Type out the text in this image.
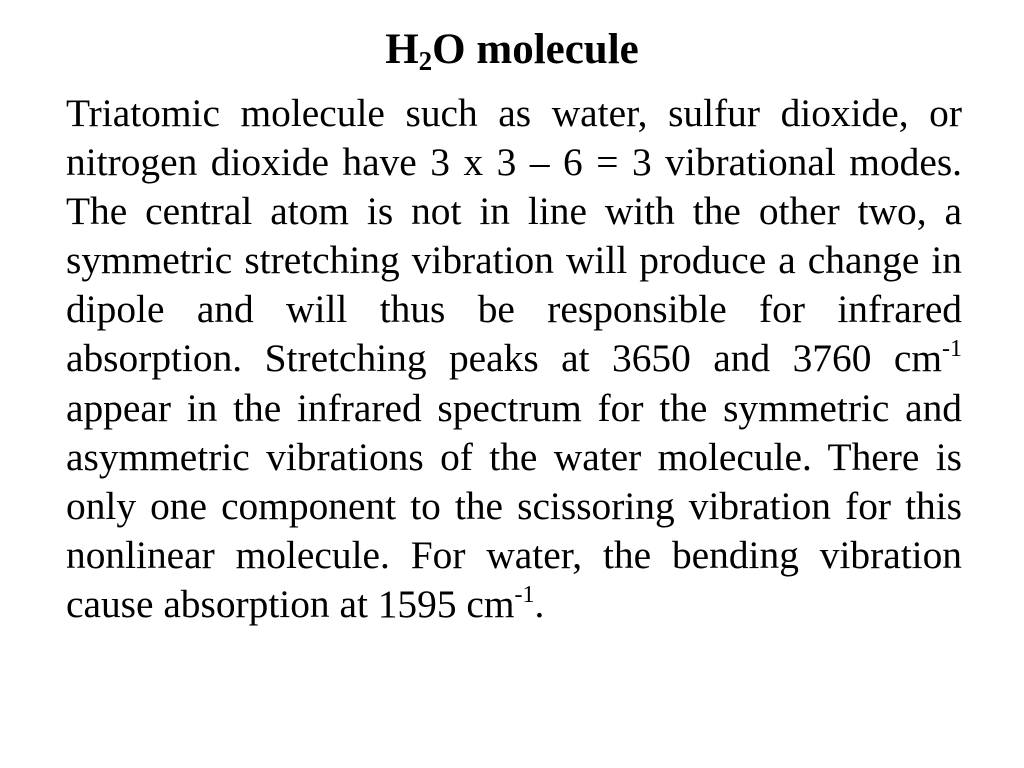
$H_2O$ molecule

Triatomic molecule such as water, sulfur dioxide, or nitrogen dioxide have 3 x 3 – 6 = 3 vibrational modes. The central atom is not in line with the other two, a symmetric stretching vibration will produce a change in dipole and will thus be responsible for infrared absorption. Stretching peaks at 3650 and 3760 $cm^{-1}$ appear in the infrared spectrum for the symmetric and asymmetric vibrations of the water molecule. There is only one component to the scissoring vibration for this nonlinear molecule. For water, the bending vibration cause absorption at 1595 $cm^{-1}$.
